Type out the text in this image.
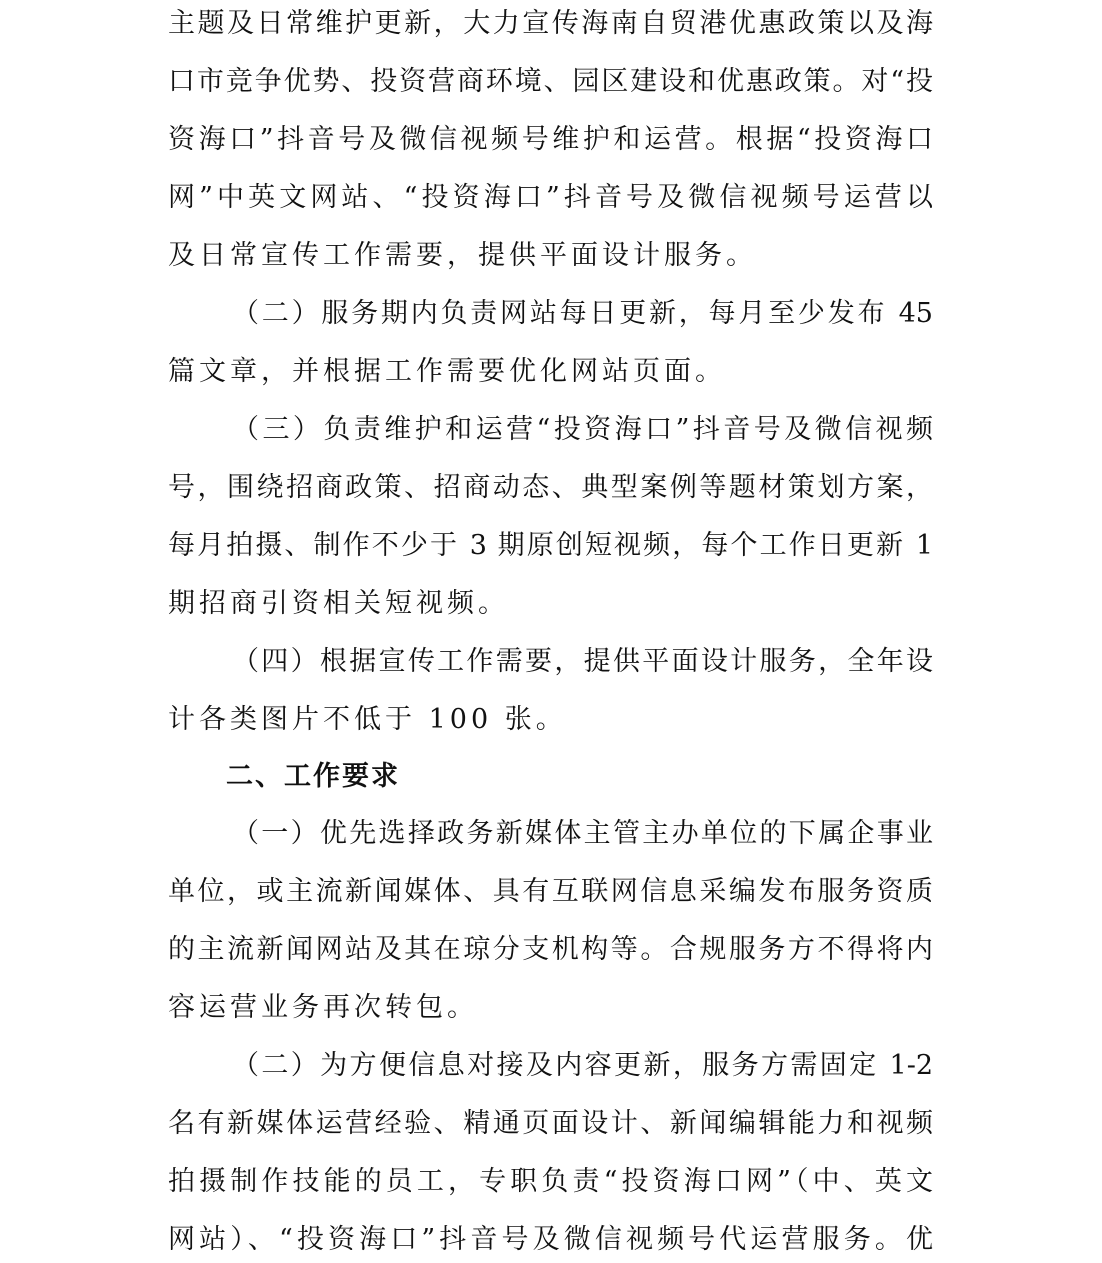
主题及日常维护更新，大力宣传海南自贸港优惠政策以及海
口市竞争优势、投资营商环境、园区建设和优惠政策。对“投
资海口”抖音号及微信视频号维护和运营。根据“投资海口
网”中英文网站、“投资海口”抖音号及微信视频号运营以
及日常宣传工作需要，提供平面设计服务。
（二）服务期内负责网站每日更新，每月至少发布 45
篇文章，并根据工作需要优化网站页面。
（三）负责维护和运营“投资海口”抖音号及微信视频
号，围绕招商政策、招商动态、典型案例等题材策划方案，
每月拍摄、制作不少于 3 期原创短视频，每个工作日更新 1
期招商引资相关短视频。
（四）根据宣传工作需要，提供平面设计服务，全年设
计各类图片不低于 100 张。
二、工作要求
（一）优先选择政务新媒体主管主办单位的下属企事业
单位，或主流新闻媒体、具有互联网信息采编发布服务资质
的主流新闻网站及其在琼分支机构等。合规服务方不得将内
容运营业务再次转包。
（二）为方便信息对接及内容更新，服务方需固定 1-2
名有新媒体运营经验、精通页面设计、新闻编辑能力和视频
拍摄制作技能的员工，专职负责“投资海口网”（中、英文
网站）、“投资海口”抖音号及微信视频号代运营服务。优
